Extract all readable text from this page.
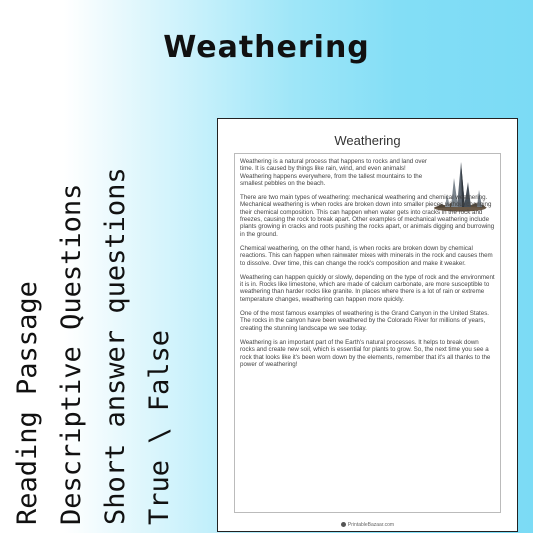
Weathering
Reading Passage Descriptive Questions Short answer questions True \ False
Weathering

Weathering is a natural process that happens to rocks and land over time. It is caused by things like rain, wind, and even animals! Weathering happens everywhere, from the tallest mountains to the smallest pebbles on the beach.

There are two main types of weathering: mechanical weathering and chemical weathering. Mechanical weathering is when rocks are broken down into smaller pieces without changing their chemical composition. This can happen when water gets into cracks in the rock and freezes, causing the rock to break apart. Other examples of mechanical weathering include plants growing in cracks and roots pushing the rocks apart, or animals digging and burrowing in the ground.

Chemical weathering, on the other hand, is when rocks are broken down by chemical reactions. This can happen when rainwater mixes with minerals in the rock and causes them to dissolve. Over time, this can change the rock's composition and make it weaker.

Weathering can happen quickly or slowly, depending on the type of rock and the environment it is in. Rocks like limestone, which are made of calcium carbonate, are more susceptible to weathering than harder rocks like granite. In places where there is a lot of rain or extreme temperature changes, weathering can happen more quickly.

One of the most famous examples of weathering is the Grand Canyon in the United States. The rocks in the canyon have been weathered by the Colorado River for millions of years, creating the stunning landscape we see today.

Weathering is an important part of the Earth's natural processes. It helps to break down rocks and create new soil, which is essential for plants to grow. So, the next time you see a rock that looks like it's been worn down by the elements, remember that it's all thanks to the power of weathering!

PrintableBazaar.com
